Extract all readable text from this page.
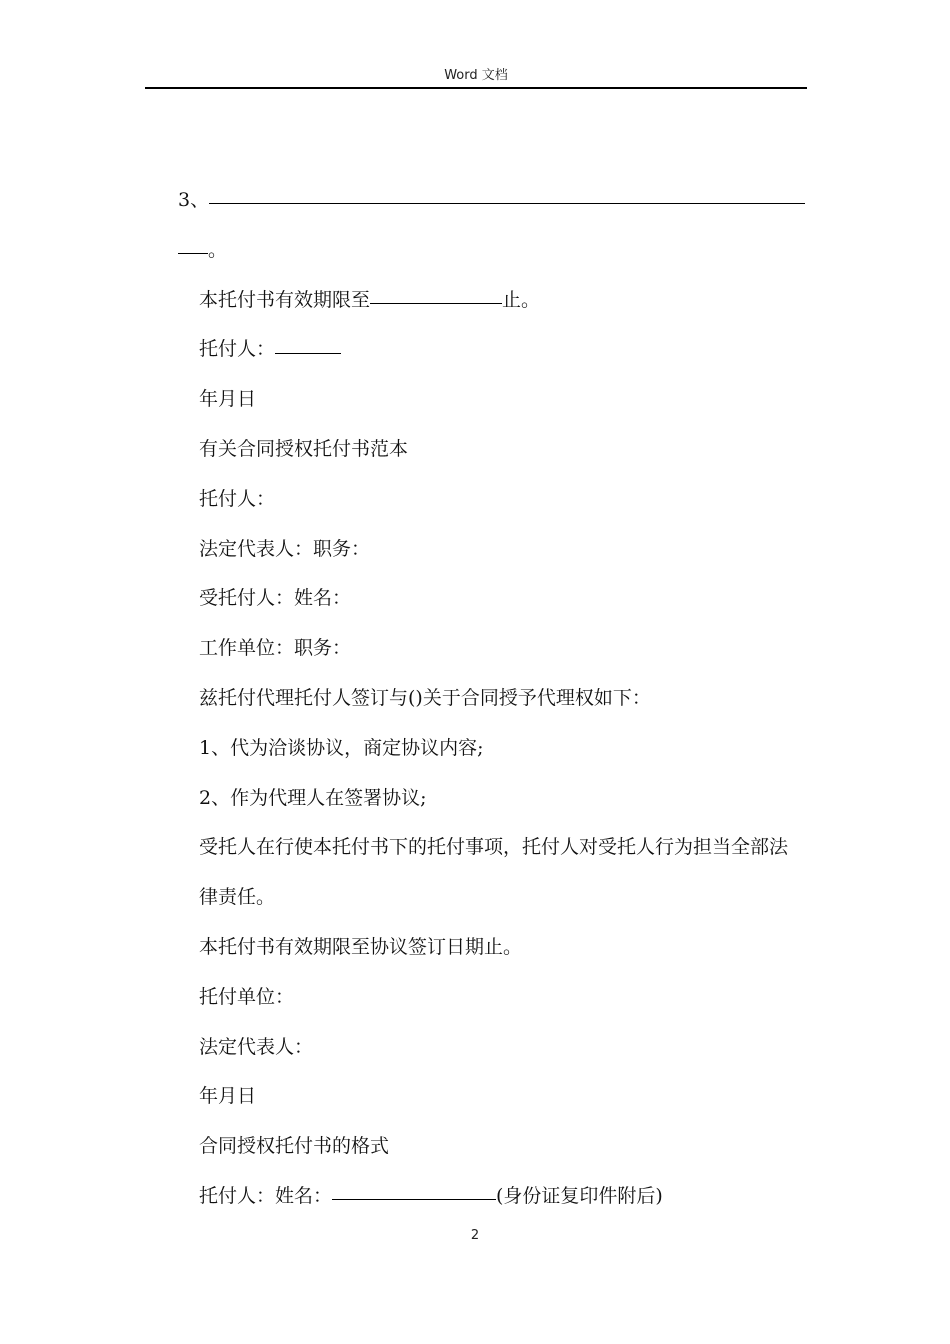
Word 文档
3、
。
本托付书有效期限至	止。
托付人：
年月日
有关合同授权托付书范本
托付人：
法定代表人：职务：
受托付人：姓名：
工作单位：职务：
兹托付代理托付人签订与()关于合同授予代理权如下：
1、代为洽谈协议，商定协议内容;
2、作为代理人在签署协议;
受托人在行使本托付书下的托付事项，托付人对受托人行为担当全部法律责任。
本托付书有效期限至协议签订日期止。
托付单位：
法定代表人：
年月日
合同授权托付书的格式
托付人：姓名：	(身份证复印件附后)
2
